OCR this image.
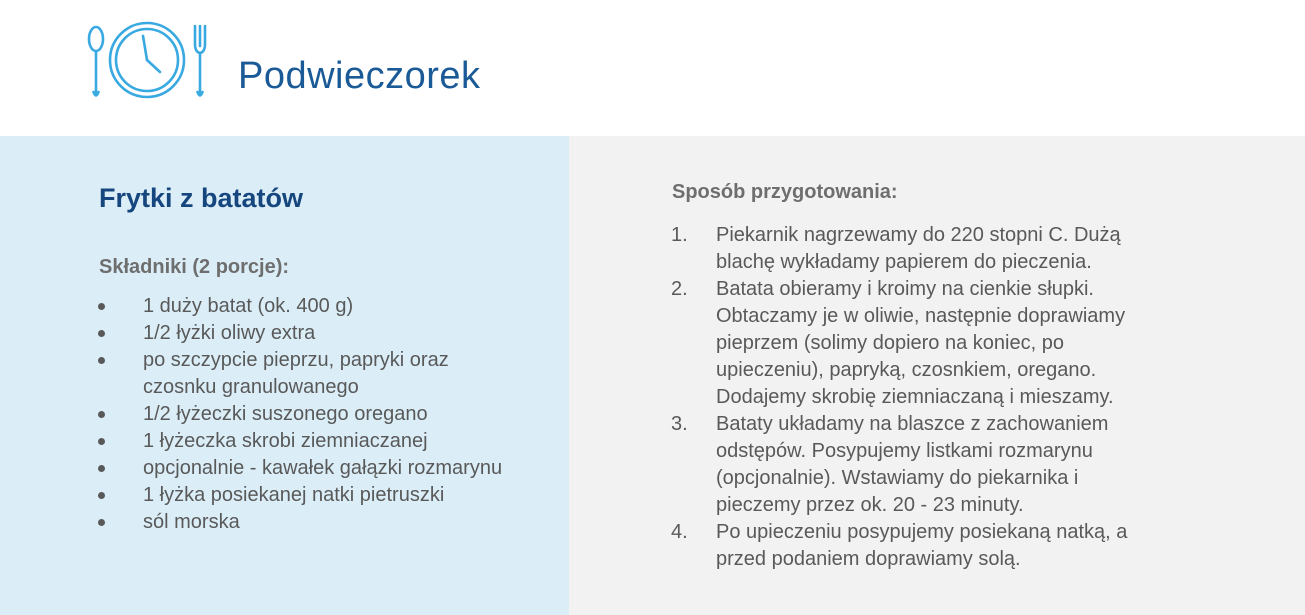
Podwieczorek
Frytki z batatów
Składniki (2 porcje):
1 duży batat (ok. 400 g)
1/2 łyżki oliwy extra
po szczypcie pieprzu, papryki oraz czosnku granulowanego
1/2 łyżeczki suszonego oregano
1 łyżeczka skrobi ziemniaczanej
opcjonalnie - kawałek gałązki rozmarynu
1 łyżka posiekanej natki pietruszki
sól morska
Sposób przygotowania:
1. Piekarnik nagrzewamy do 220 stopni C. Dużą blachę wykładamy papierem do pieczenia.
2. Batata obieramy i kroimy na cienkie słupki. Obtaczamy je w oliwie, następnie doprawiamy pieprzem (solimy dopiero na koniec, po upieczeniu), papryką, czosnkiem, oregano. Dodajemy skrobię ziemniaczaną i mieszamy.
3. Bataty układamy na blaszce z zachowaniem odstępów. Posypujemy listkami rozmarynu (opcjonalnie). Wstawiamy do piekarnika i pieczemy przez ok. 20 - 23 minuty.
4. Po upieczeniu posypujemy posiekaną natką, a przed podaniem doprawiamy solą.
